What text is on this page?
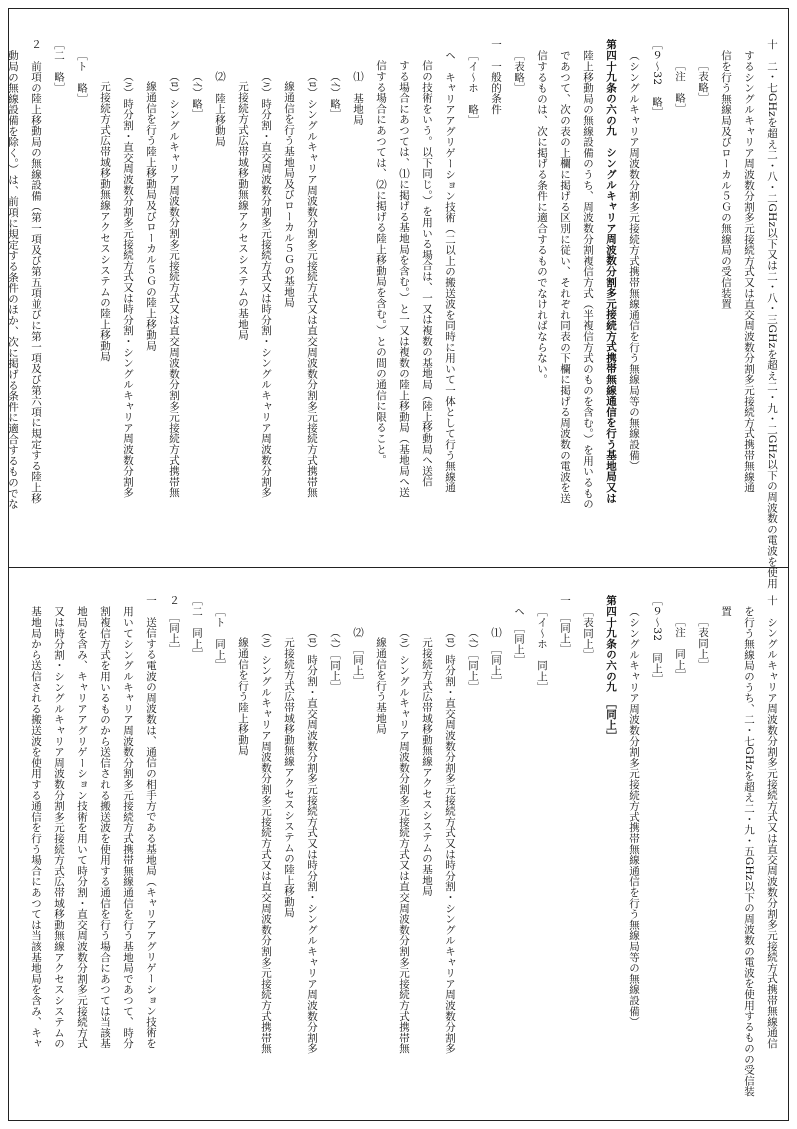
十　二・七GHzを超え二・八・二GHz以下又は二・八・三GHzを超え二・九・二GHz以下の周波数の電波を使用
するシングルキャリア周波数分割多元接続方式又は直交周波数分割多元接続方式携帯無線通
信を行う無線局及びローカル５Ｇの無線局の受信装置
［表略］
［注　略］
［９〜32　略］
（シングルキャリア周波数分割多元接続方式携帯無線通信を行う無線局等の無線設備）
第四十九条の六の九　シングルキャリア周波数分割多元接続方式携帯無線通信を行う基地局又は
陸上移動局の無線設備のうち、周波数分割複信方式（半複信方式のものを含む。）を用いるもの
であつて、次の表の上欄に掲げる区別に従い、それぞれ同表の下欄に掲げる周波数の電波を送
信するものは、次に掲げる条件に適合するものでなければならない。
［表略］
一　一般的条件
［イ〜ホ　略］
ヘ　キャリアアグリゲーション技術（二以上の搬送波を同時に用いて一体として行う無線通
信の技術をいう。以下同じ。）を用いる場合は、一又は複数の基地局（陸上移動局へ送信
する場合にあつては、⑴に掲げる基地局を含む。）と一又は複数の陸上移動局（基地局へ送
信する場合にあつては、⑵に掲げる陸上移動局を含む。）との間の通信に限ること。
⑴　基地局
（ｲ）略］
（ﾛ）シングルキャリア周波数分割多元接続方式又は直交周波数分割多元接続方式携帯無
線通信を行う基地局及びローカル５Ｇの基地局
（ﾊ）時分割・直交周波数分割多元接続方式又は時分割・シングルキャリア周波数分割多
元接続方式広帯域移動無線アクセスシステムの基地局
⑵　陸上移動局
（ｲ）略］
（ﾛ）シングルキャリア周波数分割多元接続方式又は直交周波数分割多元接続方式携帯無
線通信を行う陸上移動局及びローカル５Ｇの陸上移動局
（ﾊ）時分割・直交周波数分割多元接続方式又は時分割・シングルキャリア周波数分割多
元接続方式広帯域移動無線アクセスシステムの陸上移動局
［ト　略］
［二　略］
２　前項の陸上移動局の無線設備（第一項及び第五項並びに第一項及び第六項に規定する陸上移
動局の無線設備を除く。）は、前項に規定する条件のほか、次に掲げる条件に適合するものでな
十　シングルキャリア周波数分割多元接続方式又は直交周波数分割多元接続方式携帯無線通信
を行う無線局のうち、二・七GHzを超え二・九・五GHz以下の周波数の電波を使用するものの受信装
置
［表同上］
［注　同上］
［９〜32　同上］
（シングルキャリア周波数分割多元接続方式携帯無線通信を行う無線局等の無線設備）
第四十九条の六の九　［同上］
［表同上］
一　［同上］
［イ〜ホ　同上］
ヘ　［同上］
⑴　［同上］
（ｲ）［同上］
（ﾛ）時分割・直交周波数分割多元接続方式又は時分割・シングルキャリア周波数分割多
元接続方式広帯域移動無線アクセスシステムの基地局
（ﾊ）シングルキャリア周波数分割多元接続方式又は直交周波数分割多元接続方式携帯無
線通信を行う基地局
⑵　［同上］
（ｲ）［同上］
（ﾛ）時分割・直交周波数分割多元接続方式又は時分割・シングルキャリア周波数分割多
元接続方式広帯域移動無線アクセスシステムの陸上移動局
（ﾊ）シングルキャリア周波数分割多元接続方式又は直交周波数分割多元接続方式携帯無
線通信を行う陸上移動局
［ト　同上］
［二　同上］
２　［同上］
一　送信する電波の周波数は、通信の相手方である基地局（キャリアアグリゲーション技術を
用いてシングルキャリア周波数分割多元接続方式携帯無線通信を行う基地局であつて、時分
割複信方式を用いるものから送信される搬送波を使用する通信を行う場合にあつては当該基
地局を含み、キャリアアグリゲーション技術を用いて時分割・直交周波数分割多元接続方式
又は時分割・シングルキャリア周波数分割多元接続方式広帯域移動無線アクセスシステムの
基地局から送信される搬送波を使用する通信を行う場合にあつては当該基地局を含み、キャ
